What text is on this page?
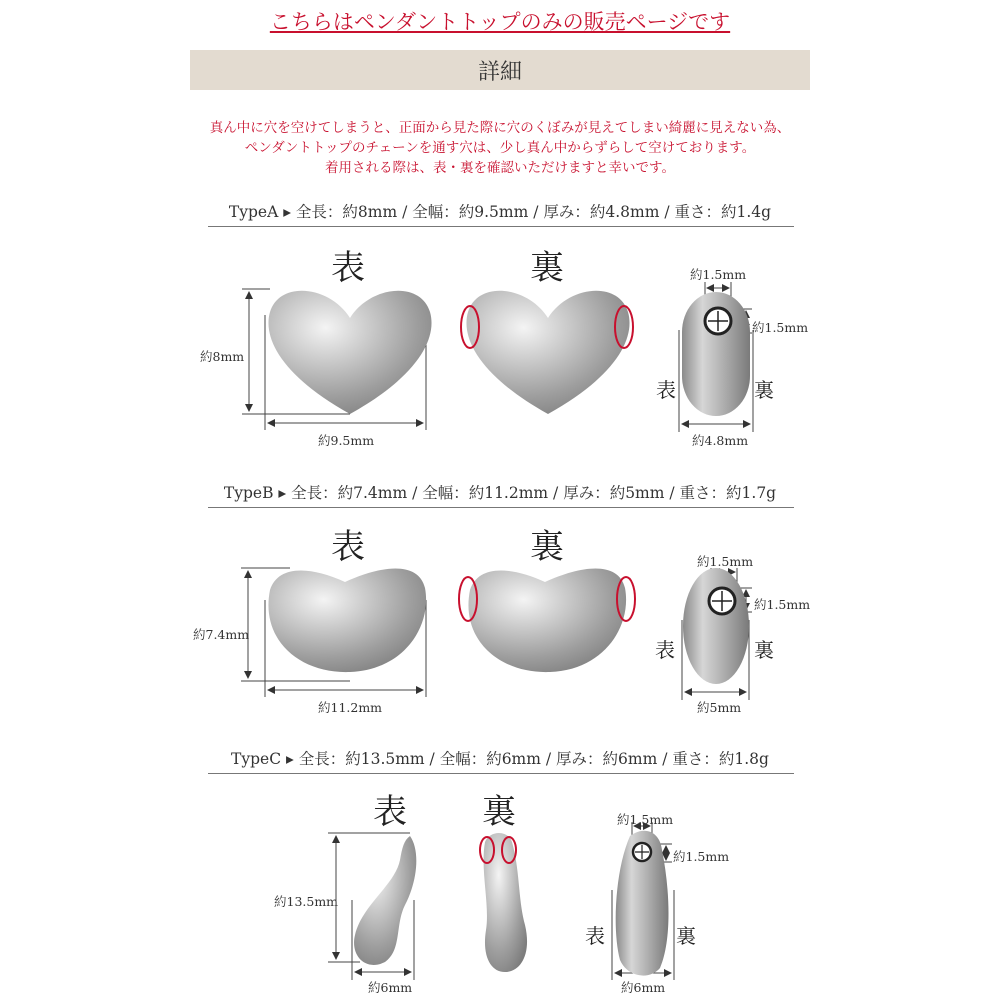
こちらはペンダントトップのみの販売ページです
詳細
真ん中に穴を空けてしまうと、正面から見た際に穴のくぼみが見えてしまい綺麗に見えない為、
ペンダントトップのチェーンを通す穴は、少し真ん中からずらして空けております。
着用される際は、表・裏を確認いただけますと幸いです。
TypeA ▸ 全長：約8mm / 全幅：約9.5mm / 厚み：約4.8mm / 重さ：約1.4g
表	裏
約8mm
約9.5mm
約1.5mm
約1.5mm
約4.8mm
表	裏
TypeB ▸ 全長：約7.4mm / 全幅：約11.2mm / 厚み：約5mm / 重さ：約1.7g
表	裏
約7.4mm
約11.2mm
約1.5mm
約1.5mm
約5mm
表	裏
TypeC ▸ 全長：約13.5mm / 全幅：約6mm / 厚み：約6mm / 重さ：約1.8g
表 裏
約13.5mm
約6mm
約1.5mm
約1.5mm
約6mm
表	裏
